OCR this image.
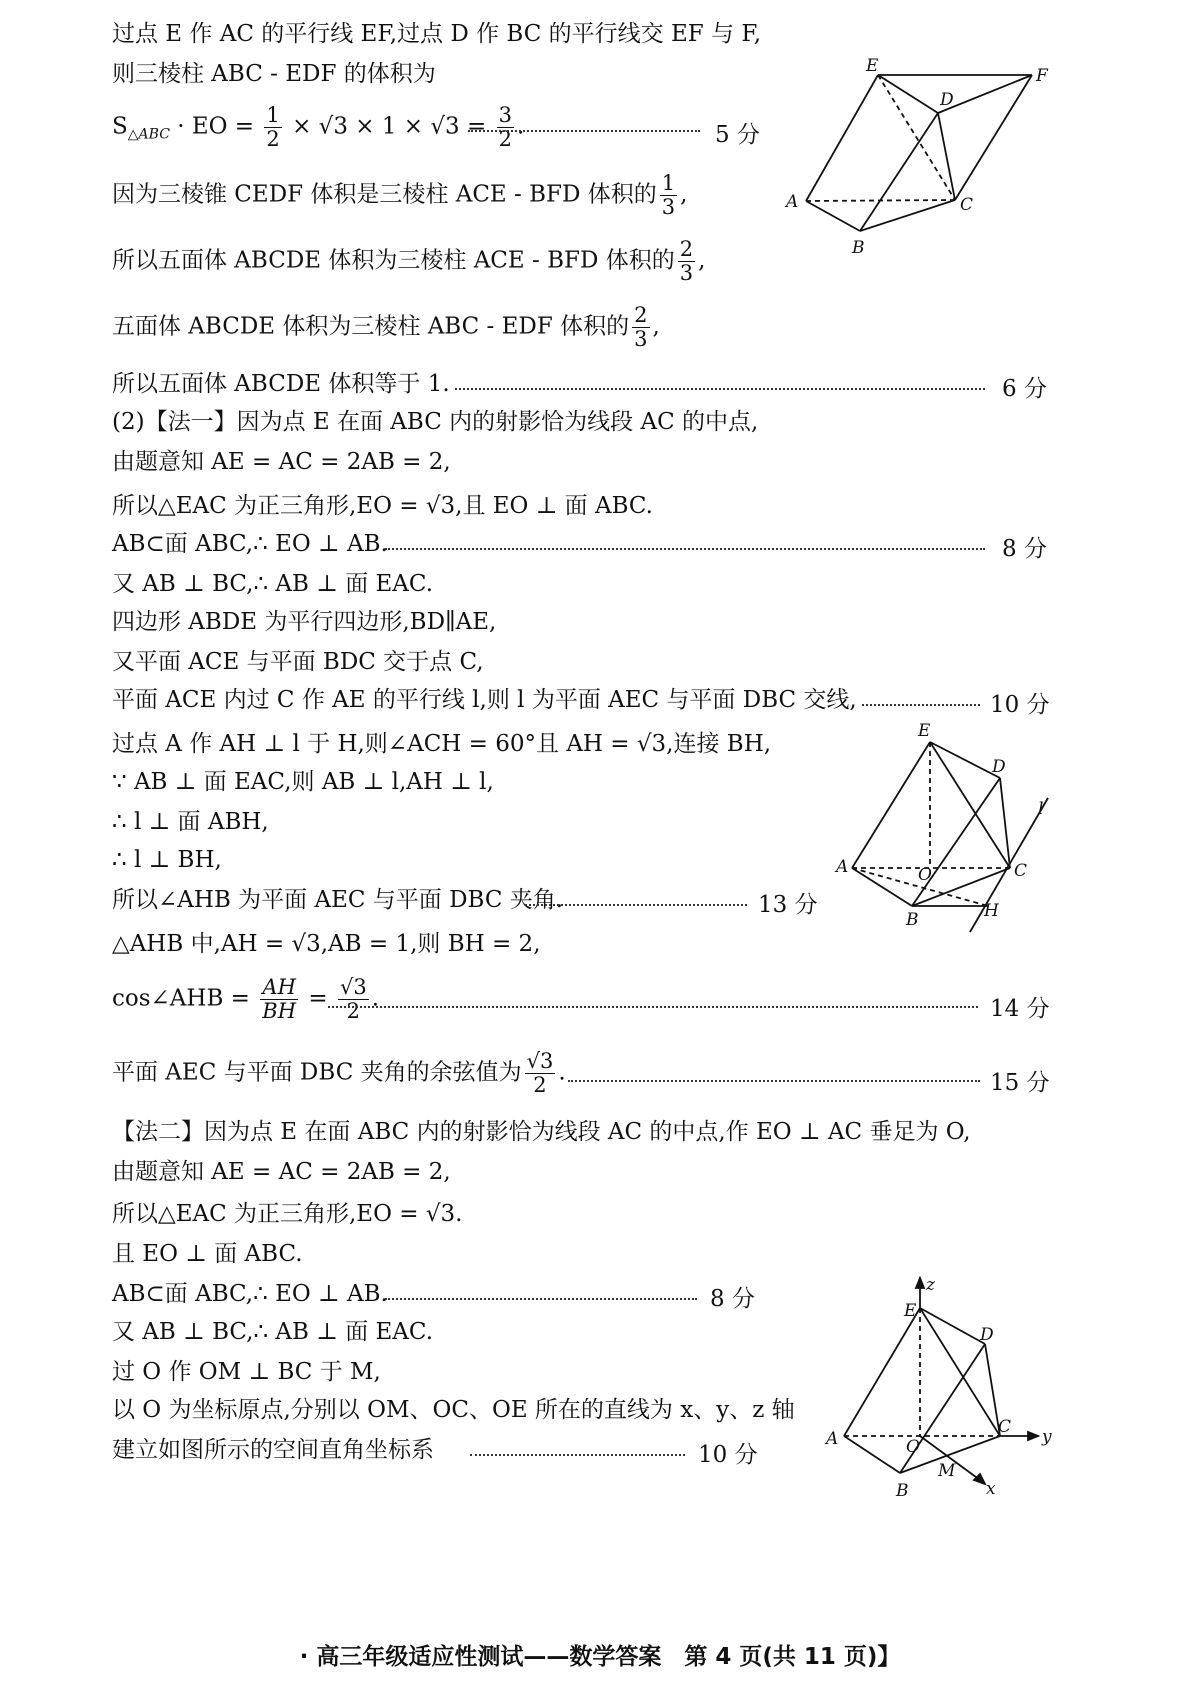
过点 E 作 AC 的平行线 EF,过点 D 作 BC 的平行线交 EF 与 F,
则三棱柱 ABC - EDF 的体积为
$S_{\triangle ABC}$ · EO = $\frac{1}{2} \times √3 \times 1 \times √3 = \frac{3}{2}$ .	5 分
因为三棱锥 CEDF 体积是三棱柱 ACE - BFD 体积的 $\frac{1}{3}$ ,
所以五面体 ABCDE 体积为三棱柱 ACE - BFD 体积的 $\frac{2}{3}$ ,
五面体 ABCDE 体积为三棱柱 ABC - EDF 体积的 $\frac{2}{3}$ ,
所以五面体 ABCDE 体积等于 1.	6 分
(2)【法一】因为点 E 在面 ABC 内的射影恰为线段 AC 的中点,
由题意知 AE = AC = 2AB = 2,
所以△EAC 为正三角形,EO = √3,且 EO ⊥ 面 ABC.
AB⊂面 ABC,∴ EO ⊥ AB.	8 分
又 AB ⊥ BC,∴ AB ⊥ 面 EAC.
四边形 ABDE 为平行四边形,BD∥AE,
又平面 ACE 与平面 BDC 交于点 C,
平面 ACE 内过 C 作 AE 的平行线 l,则 l 为平面 AEC 与平面 DBC 交线,	10 分
过点 A 作 AH ⊥ l 于 H,则∠ACH = 60°且 AH = √3,连接 BH,
∵ AB ⊥ 面 EAC,则 AB ⊥ l,AH ⊥ l,
∴ l ⊥ 面 ABH,
∴ l ⊥ BH,
所以∠AHB 为平面 AEC 与平面 DBC 夹角.	13 分
△AHB 中,AH = √3,AB = 1,则 BH = 2,
cos∠AHB = $\frac{AH}{BH} = \frac{√3}{2}$ .	14 分
平面 AEC 与平面 DBC 夹角的余弦值为 $\frac{√3}{2}$ .	15 分
【法二】因为点 E 在面 ABC 内的射影恰为线段 AC 的中点,作 EO ⊥ AC 垂足为 O,
由题意知 AE = AC = 2AB = 2,
所以△EAC 为正三角形,EO = √3.
且 EO ⊥ 面 ABC.
AB⊂面 ABC,∴ EO ⊥ AB.	8 分
又 AB ⊥ BC,∴ AB ⊥ 面 EAC.
过 O 作 OM ⊥ BC 于 M,
以 O 为坐标原点,分别以 OM、OC、OE 所在的直线为 x、y、z 轴
建立如图所示的空间直角坐标系	10 分
E	F
D
A	C
B
E
D
l
A	O	C
B	H
z
E
D
A	O
C y
M
x
B
· 高三年级适应性测试——数学答案　第 4 页(共 11 页)】
